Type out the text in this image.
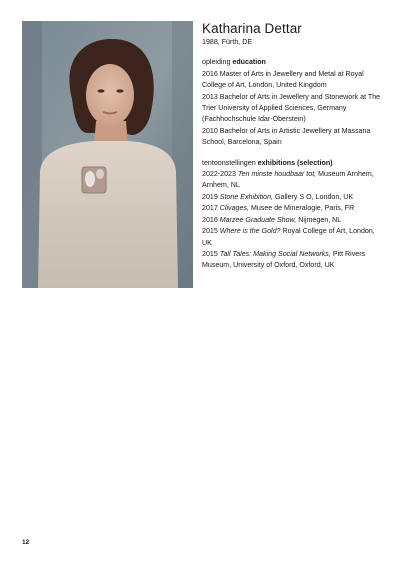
Katharina Dettar

1988, Fürth, DE

opleiding education

2016 Master of Arts in Jewellery and Metal at Royal College of Art, London, United Kingdom
2013 Bachelor of Arts in Jewellery and Stonework at The Trier University of Applied Sciences, Germany (Fachhochschule Idar-Oberstein)
2010 Bachelor of Arts in Artistic Jewellery at Massana School, Barcelona, Spain

tentoonstellingen exhibitions (selection)

2022-2023 Ten minste houdbaar tot, Museum Arnhem, Arnhem, NL
2019 Stone Exhibition, Gallery S O, London, UK
2017 Clivages, Musee de Mineralogie, Paris, FR
2016 Marzee Graduate Show, Nijmegen, NL
2015 Where is the Gold? Royal College of Art, London, UK
2015 Tall Tales: Making Social Networks, Pitt Rivers Museum, University of Oxford, Oxford, UK
12
